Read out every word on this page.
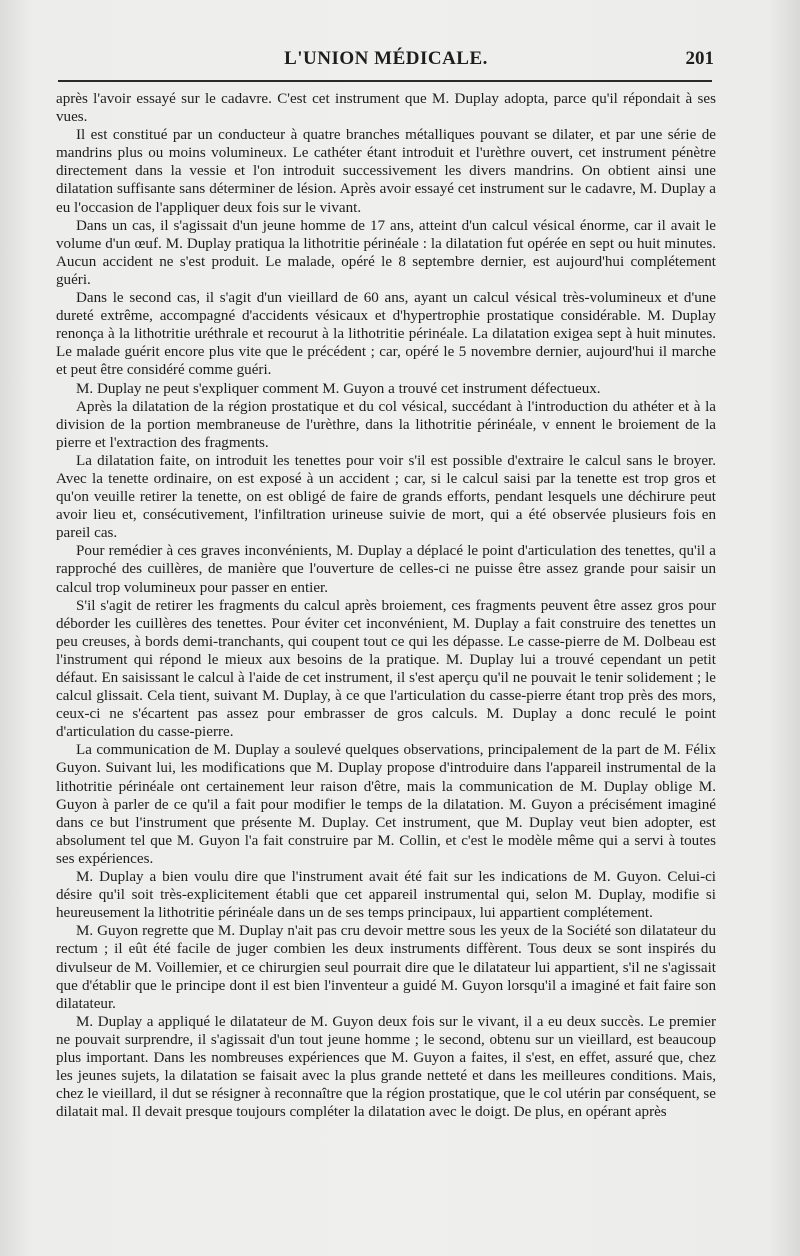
L'UNION MÉDICALE.	201

après l'avoir essayé sur le cadavre. C'est cet instrument que M. Duplay adopta, parce qu'il répondait à ses vues.

Il est constitué par un conducteur à quatre branches métalliques pouvant se dilater, et par une série de mandrins plus ou moins volumineux. Le cathéter étant introduit et l'urèthre ouvert, cet instrument pénètre directement dans la vessie et l'on introduit successivement les divers mandrins. On obtient ainsi une dilatation suffisante sans déterminer de lésion. Après avoir essayé cet instrument sur le cadavre, M. Duplay a eu l'occasion de l'appliquer deux fois sur le vivant.

Dans un cas, il s'agissait d'un jeune homme de 17 ans, atteint d'un calcul vésical énorme, car il avait le volume d'un œuf. M. Duplay pratiqua la lithotritie périnéale : la dilatation fut opérée en sept ou huit minutes. Aucun accident ne s'est produit. Le malade, opéré le 8 septembre dernier, est aujourd'hui complétement guéri.

Dans le second cas, il s'agit d'un vieillard de 60 ans, ayant un calcul vésical très-volumineux et d'une dureté extrême, accompagné d'accidents vésicaux et d'hypertrophie prostatique considérable. M. Duplay renonça à la lithotritie uréthrale et recourut à la lithotritie périnéale. La dilatation exigea sept à huit minutes. Le malade guérit encore plus vite que le précédent ; car, opéré le 5 novembre dernier, aujourd'hui il marche et peut être considéré comme guéri.

M. Duplay ne peut s'expliquer comment M. Guyon a trouvé cet instrument défectueux.

Après la dilatation de la région prostatique et du col vésical, succédant à l'introduction du athéter et à la division de la portion membraneuse de l'urèthre, dans la lithotritie périnéale, v ennent le broiement de la pierre et l'extraction des fragments.

La dilatation faite, on introduit les tenettes pour voir s'il est possible d'extraire le calcul sans le broyer. Avec la tenette ordinaire, on est exposé à un accident ; car, si le calcul saisi par la tenette est trop gros et qu'on veuille retirer la tenette, on est obligé de faire de grands efforts, pendant lesquels une déchirure peut avoir lieu et, consécutivement, l'infiltration urineuse suivie de mort, qui a été observée plusieurs fois en pareil cas.

Pour remédier à ces graves inconvénients, M. Duplay a déplacé le point d'articulation des tenettes, qu'il a rapproché des cuillères, de manière que l'ouverture de celles-ci ne puisse être assez grande pour saisir un calcul trop volumineux pour passer en entier.

S'il s'agit de retirer les fragments du calcul après broiement, ces fragments peuvent être assez gros pour déborder les cuillères des tenettes. Pour éviter cet inconvénient, M. Duplay a fait construire des tenettes un peu creuses, à bords demi-tranchants, qui coupent tout ce qui les dépasse. Le casse-pierre de M. Dolbeau est l'instrument qui répond le mieux aux besoins de la pratique. M. Duplay lui a trouvé cependant un petit défaut. En saisissant le calcul à l'aide de cet instrument, il s'est aperçu qu'il ne pouvait le tenir solidement ; le calcul glissait. Cela tient, suivant M. Duplay, à ce que l'articulation du casse-pierre étant trop près des mors, ceux-ci ne s'écartent pas assez pour embrasser de gros calculs. M. Duplay a donc reculé le point d'articulation du casse-pierre.

La communication de M. Duplay a soulevé quelques observations, principalement de la part de M. Félix Guyon. Suivant lui, les modifications que M. Duplay propose d'introduire dans l'appareil instrumental de la lithotritie périnéale ont certainement leur raison d'être, mais la communication de M. Duplay oblige M. Guyon à parler de ce qu'il a fait pour modifier le temps de la dilatation. M. Guyon a précisément imaginé dans ce but l'instrument que présente M. Duplay. Cet instrument, que M. Duplay veut bien adopter, est absolument tel que M. Guyon l'a fait construire par M. Collin, et c'est le modèle même qui a servi à toutes ses expériences.

M. Duplay a bien voulu dire que l'instrument avait été fait sur les indications de M. Guyon. Celui-ci désire qu'il soit très-explicitement établi que cet appareil instrumental qui, selon M. Duplay, modifie si heureusement la lithotritie périnéale dans un de ses temps principaux, lui appartient complétement.

M. Guyon regrette que M. Duplay n'ait pas cru devoir mettre sous les yeux de la Société son dilatateur du rectum ; il eût été facile de juger combien les deux instruments diffèrent. Tous deux se sont inspirés du divulseur de M. Voillemier, et ce chirurgien seul pourrait dire que le dilatateur lui appartient, s'il ne s'agissait que d'établir que le principe dont il est bien l'inventeur a guidé M. Guyon lorsqu'il a imaginé et fait faire son dilatateur.

M. Duplay a appliqué le dilatateur de M. Guyon deux fois sur le vivant, il a eu deux succès. Le premier ne pouvait surprendre, il s'agissait d'un tout jeune homme ; le second, obtenu sur un vieillard, est beaucoup plus important. Dans les nombreuses expériences que M. Guyon a faites, il s'est, en effet, assuré que, chez les jeunes sujets, la dilatation se faisait avec la plus grande netteté et dans les meilleures conditions. Mais, chez le vieillard, il dut se résigner à reconnaître que la région prostatique, que le col utérin par conséquent, se dilatait mal. Il devait presque toujours compléter la dilatation avec le doigt. De plus, en opérant après
